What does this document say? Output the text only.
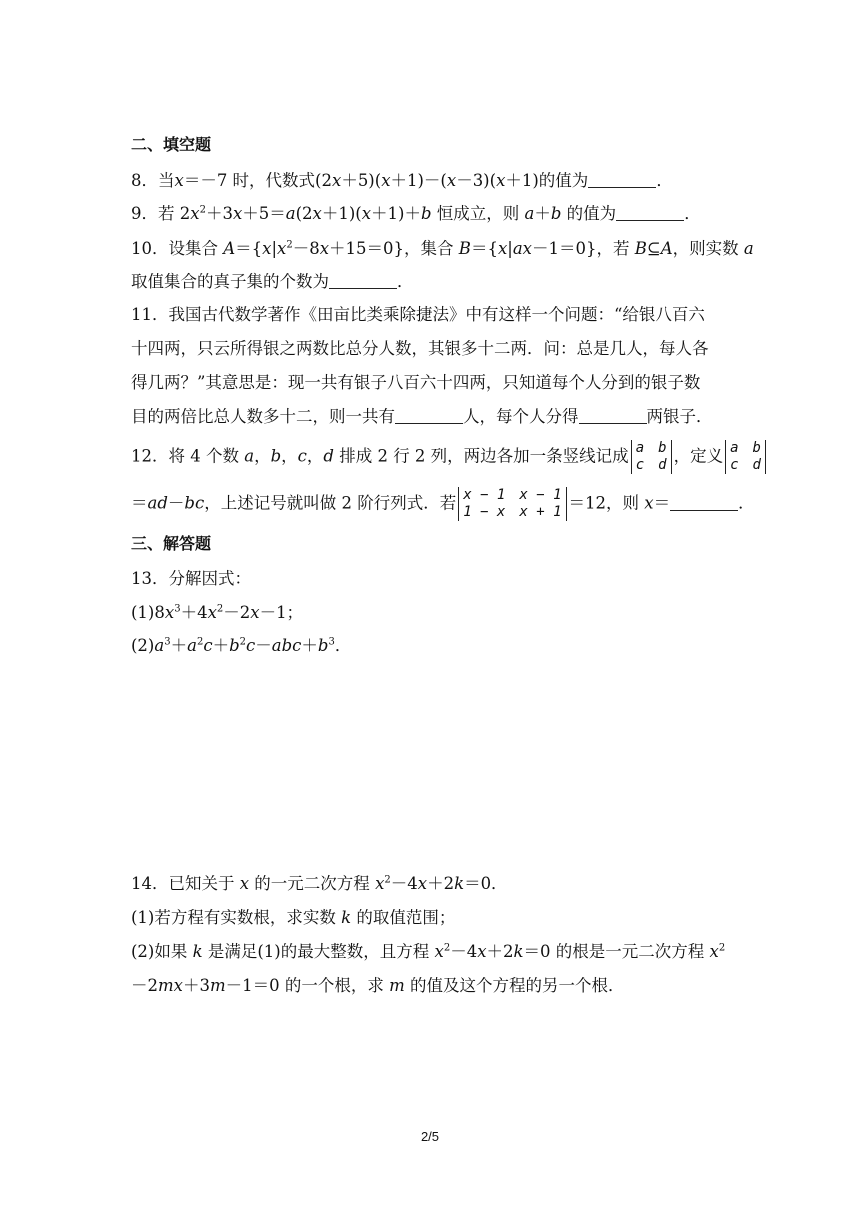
二、填空题
8．当x＝－7 时，代数式(2x＋5)(x＋1)－(x－3)(x＋1)的值为	．
9．若 $2x^2+3x+5=a(2x+1)(x+1)+b$ 恒成立，则 a＋b 的值为	．
10．设集合 $A=\{x|x^2-8x+15=0\}$，集合 B＝{x|ax－1＝0}，若 B⊆A，则实数 a
取值集合的真子集的个数为	．
11．我国古代数学著作《田亩比类乘除捷法》中有这样一个问题：“给银八百六
十四两，只云所得银之两数比总分人数，其银多十二两．问：总是几人，每人各
得几两？”其意思是：现一共有银子八百六十四两，只知道每个人分到的银子数
目的两倍比总人数多十二，则一共有	人，每个人分得	两银子．
12．将 4 个数 a，b，c，d 排成 2 行 2 列，两边各加一条竖线记成 a b
c d ，定义 a b
c d
＝ad－bc，上述记号就叫做 2 阶行列式．若 x − 1 x − 1
1 − x x + 1 ＝12，则 x＝	．
三、解答题
13．分解因式：
$(1)8x^3+4x^2-2x-1$；
$(2)a^3+a^2c+b^2c-abc+b^3$．
14．已知关于 x 的一元二次方程 $x^2-4x+2k=0$．
(1)若方程有实数根，求实数 k 的取值范围；
(2)如果 k 是满足(1)的最大整数，且方程 $x^2-4x+2k=0$ 的根是一元二次方程 $x^2$
－2mx＋3m－1＝0 的一个根，求 m 的值及这个方程的另一个根．
2/5
